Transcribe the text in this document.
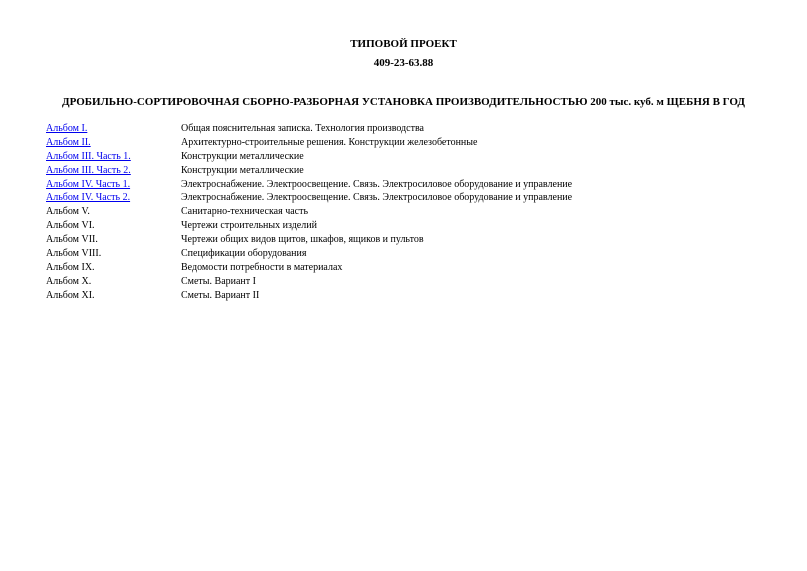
ТИПОВОЙ ПРОЕКТ
409-23-63.88
ДРОБИЛЬНО-СОРТИРОВОЧНАЯ СБОРНО-РАЗБОРНАЯ УСТАНОВКА ПРОИЗВОДИТЕЛЬНОСТЬЮ 200 тыс. куб. м ЩЕБНЯ В ГОД
Альбом I.	Общая пояснительная записка. Технология производства
Альбом II.	Архитектурно-строительные решения. Конструкции железобетонные
Альбом III. Часть 1.	Конструкции металлические
Альбом III. Часть 2.	Конструкции металлические
Альбом IV. Часть 1.	Электроснабжение. Электроосвещение. Связь. Электросиловое оборудование и управление
Альбом IV. Часть 2.	Электроснабжение. Электроосвещение. Связь. Электросиловое оборудование и управление
Альбом V.	Санитарно-техническая часть
Альбом VI.	Чертежи строительных изделий
Альбом VII.	Чертежи общих видов щитов, шкафов, ящиков и пультов
Альбом VIII.	Спецификации оборудования
Альбом IX.	Ведомости потребности в материалах
Альбом X.	Сметы. Вариант I
Альбом XI.	Сметы. Вариант II
